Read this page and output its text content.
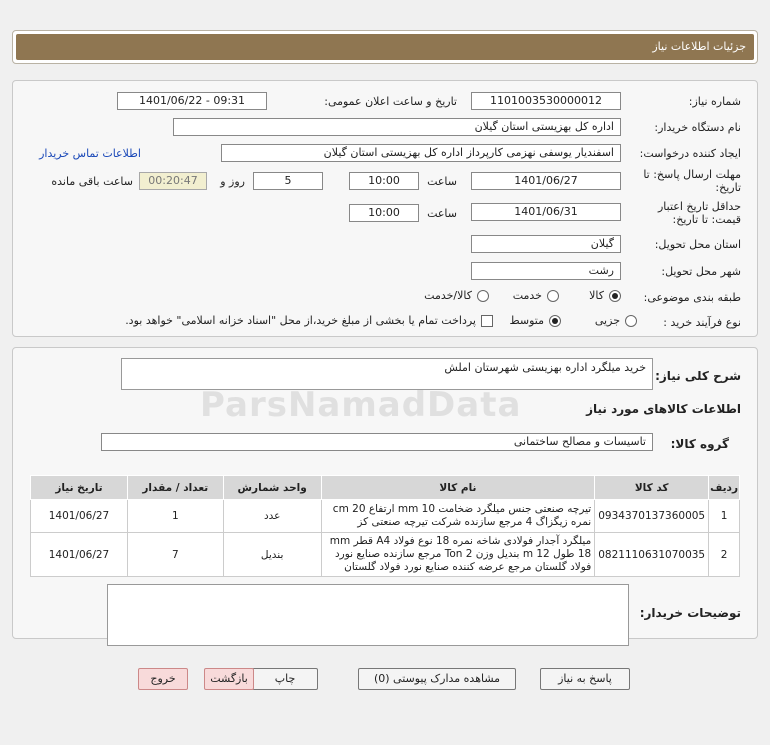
جزئیات اطلاعات نیاز
شماره نیاز:
1101003530000012
تاریخ و ساعت اعلان عمومی:
1401/06/22 - 09:31
نام دستگاه خریدار:
اداره کل بهزیستی استان گیلان
ایجاد کننده درخواست:
اسفندیار یوسفی نهزمی کارپرداز اداره کل بهزیستی استان گیلان
اطلاعات تماس خریدار
مهلت ارسال پاسخ: تا
تاریخ:
1401/06/27
ساعت
10:00
5
روز و
00:20:47
ساعت باقی مانده
حداقل تاریخ اعتبار
قیمت: تا تاریخ:
1401/06/31
ساعت
10:00
استان محل تحویل:
گیلان
شهر محل تحویل:
رشت
طبقه بندی موضوعی:
کالا
خدمت
کالا/خدمت
نوع فرآیند خرید :
جزیی
متوسط
پرداخت تمام یا بخشی از مبلغ خرید،از محل "اسناد خزانه اسلامی" خواهد بود.
شرح کلی نیاز:
خرید میلگرد اداره بهزیستی شهرستان املش
اطلاعات کالاهای مورد نیاز
گروه کالا:
تاسیسات و مصالح ساختمانی
توضیحات خریدار:
ردیف	کد کالا	نام کالا	واحد شمارش	تعداد / مقدار	تاریخ نیاز
1	0934370137360005	تیرچه صنعتی جنس میلگرد ضخامت mm 10 ارتفاع cm 20 نمره زیگزاگ 4 مرجع سازنده شرکت تیرچه صنعتی کز	عدد	1	1401/06/27
2	0821110631070035	میلگرد آجدار فولادی شاخه نمره 18 نوع فولاد A4 قطر mm 18 طول m 12 بندیل وزن Ton 2 مرجع سازنده صنایع نورد فولاد گلستان مرجع عرضه کننده صنایع نورد فولاد گلستان	بندیل	7	1401/06/27
پاسخ به نیاز
مشاهده مدارک پیوستی (0)
چاپ
بازگشت
خروج
